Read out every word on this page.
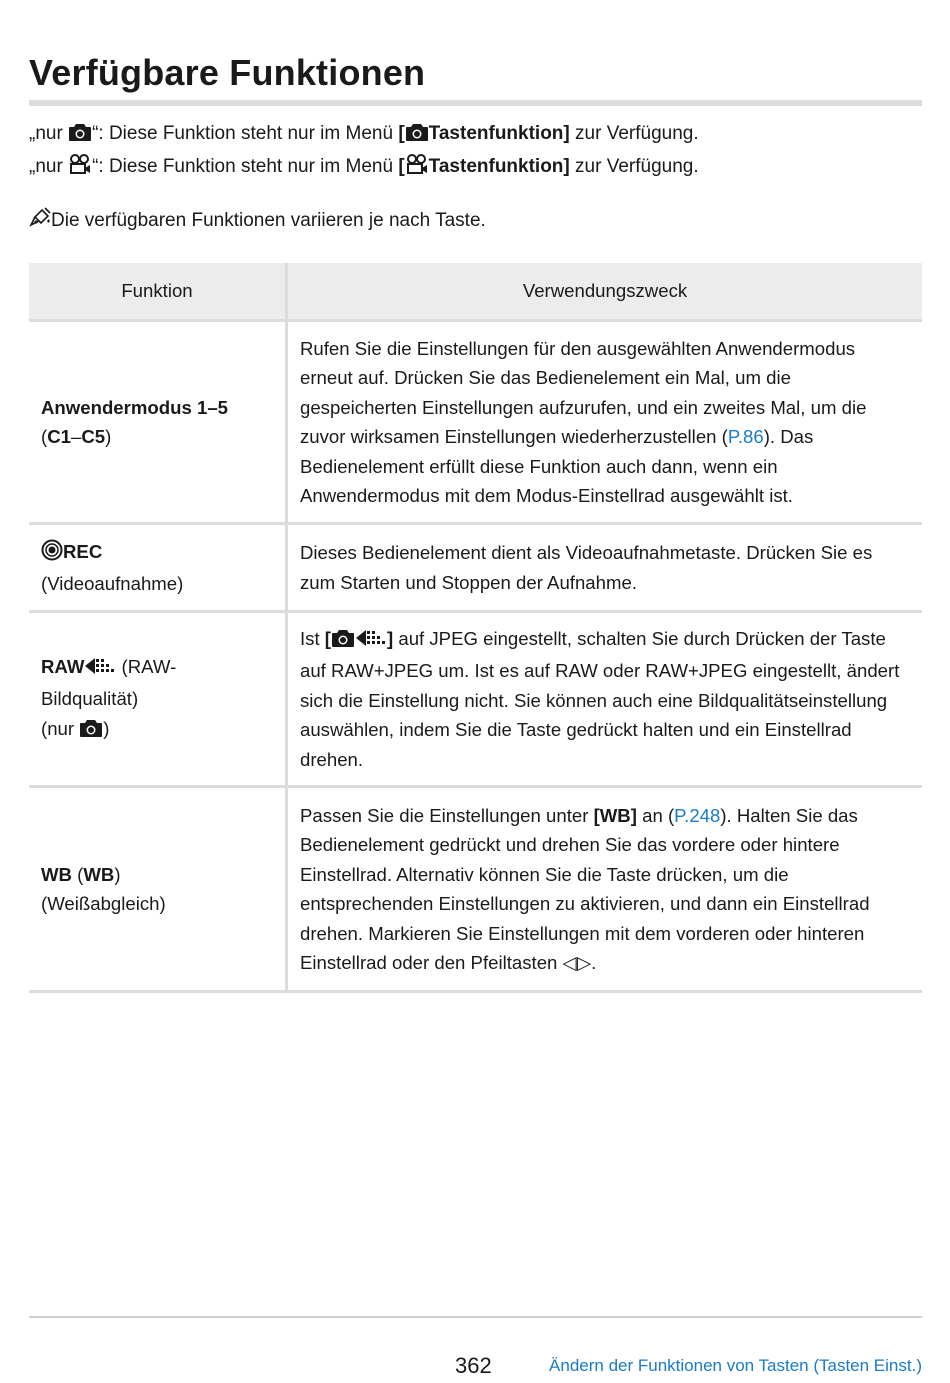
Verfügbare Funktionen
„nur “: Diese Funktion steht nur im Menü [ Tastenfunktion] zur Verfügung.
„nur “: Diese Funktion steht nur im Menü [ Tastenfunktion] zur Verfügung.
Die verfügbaren Funktionen variieren je nach Taste.
Funktion	Verwendungszweck
Anwendermodus 1–5
(C1–C5)	Rufen Sie die Einstellungen für den ausgewählten Anwendermodus erneut auf. Drücken Sie das Bedienelement ein Mal, um die gespeicherten Einstellungen aufzurufen, und ein zweites Mal, um die zuvor wirksamen Einstellungen wiederherzustellen (P.86). Das Bedienelement erfüllt diese Funktion auch dann, wenn ein Anwendermodus mit dem Modus-Einstellrad ausgewählt ist.
REC
(Videoaufnahme)	Dieses Bedienelement dient als Videoaufnahmetaste. Drücken Sie es zum Starten und Stoppen der Aufnahme.
RAW (RAW-Bildqualität)
(nur )	Ist [ ] auf JPEG eingestellt, schalten Sie durch Drücken der Taste auf RAW+JPEG um. Ist es auf RAW oder RAW+JPEG eingestellt, ändert sich die Einstellung nicht. Sie können auch eine Bildqualitätseinstellung auswählen, indem Sie die Taste gedrückt halten und ein Einstellrad drehen.
WB (WB)
(Weißabgleich)	Passen Sie die Einstellungen unter [WB] an (P.248). Halten Sie das Bedienelement gedrückt und drehen Sie das vordere oder hintere Einstellrad. Alternativ können Sie die Taste drücken, um die entsprechenden Einstellungen zu aktivieren, und dann ein Einstellrad drehen. Markieren Sie Einstellungen mit dem vorderen oder hinteren Einstellrad oder den Pfeiltasten ◁▷.
362	Ändern der Funktionen von Tasten (Tasten Einst.)
